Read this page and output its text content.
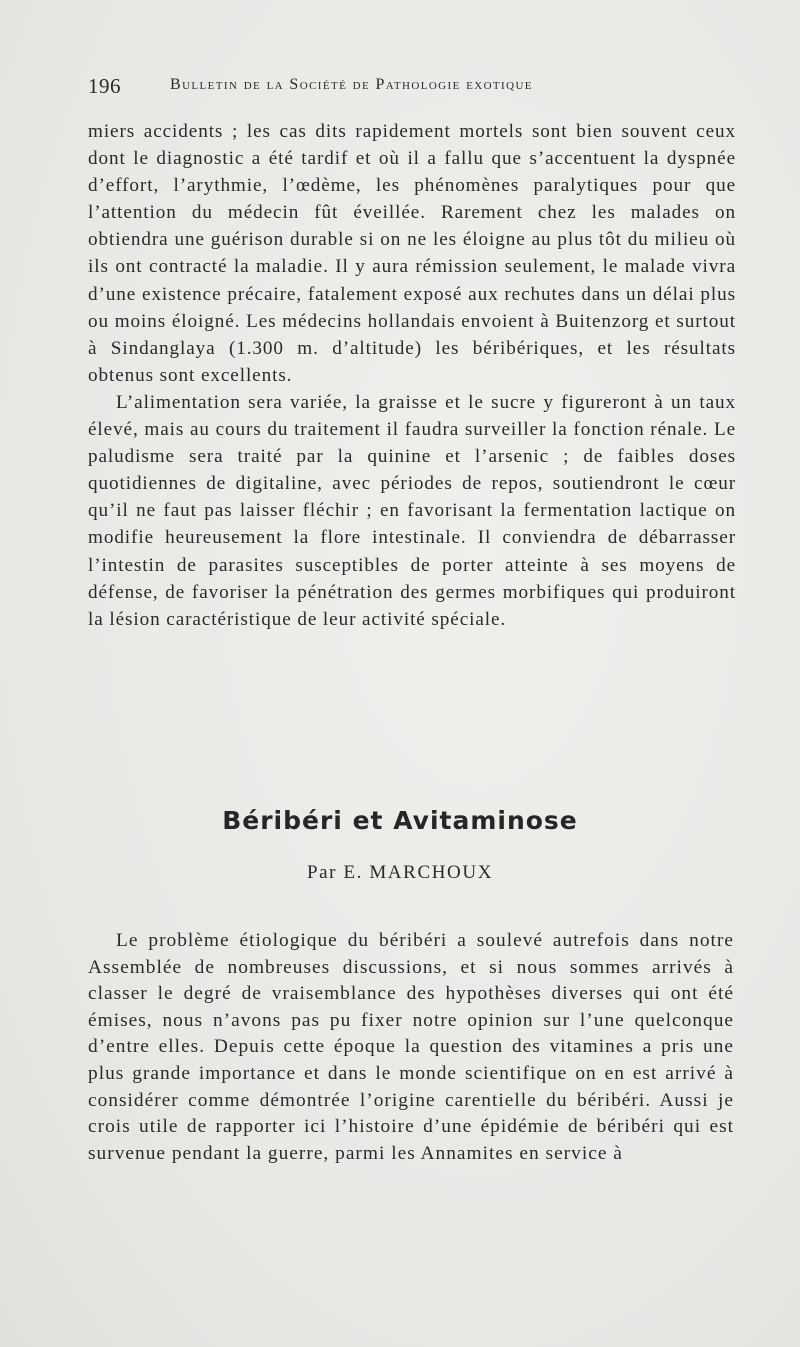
196	Bulletin de la Société de Pathologie exotique

miers accidents ; les cas dits rapidement mortels sont bien souvent ceux dont le diagnostic a été tardif et où il a fallu que s’accentuent la dyspnée d’effort, l’arythmie, l’œdème, les phénomènes paralytiques pour que l’attention du médecin fût éveillée. Rarement chez les malades on obtiendra une guérison durable si on ne les éloigne au plus tôt du milieu où ils ont contracté la maladie. Il y aura rémission seulement, le malade vivra d’une existence précaire, fatalement exposé aux rechutes dans un délai plus ou moins éloigné. Les médecins hollandais envoient à Buitenzorg et surtout à Sindanglaya (1.300 m. d’altitude) les béribériques, et les résultats obtenus sont excellents.

L’alimentation sera variée, la graisse et le sucre y figureront à un taux élevé, mais au cours du traitement il faudra surveiller la fonction rénale. Le paludisme sera traité par la quinine et l’arsenic ; de faibles doses quotidiennes de digitaline, avec périodes de repos, soutiendront le cœur qu’il ne faut pas laisser fléchir ; en favorisant la fermentation lactique on modifie heureusement la flore intestinale. Il conviendra de débarrasser l’intestin de parasites susceptibles de porter atteinte à ses moyens de défense, de favoriser la pénétration des germes morbifiques qui produiront la lésion caractéristique de leur activité spéciale.

Béribéri et Avitaminose
Par E. MARCHOUX

Le problème étiologique du béribéri a soulevé autrefois dans notre Assemblée de nombreuses discussions, et si nous sommes arrivés à classer le degré de vraisemblance des hypothèses diverses qui ont été émises, nous n’avons pas pu fixer notre opinion sur l’une quelconque d’entre elles. Depuis cette époque la question des vitamines a pris une plus grande importance et dans le monde scientifique on en est arrivé à considérer comme démontrée l’origine carentielle du béribéri. Aussi je crois utile de rapporter ici l’histoire d’une épidémie de béribéri qui est survenue pendant la guerre, parmi les Annamites en service à
